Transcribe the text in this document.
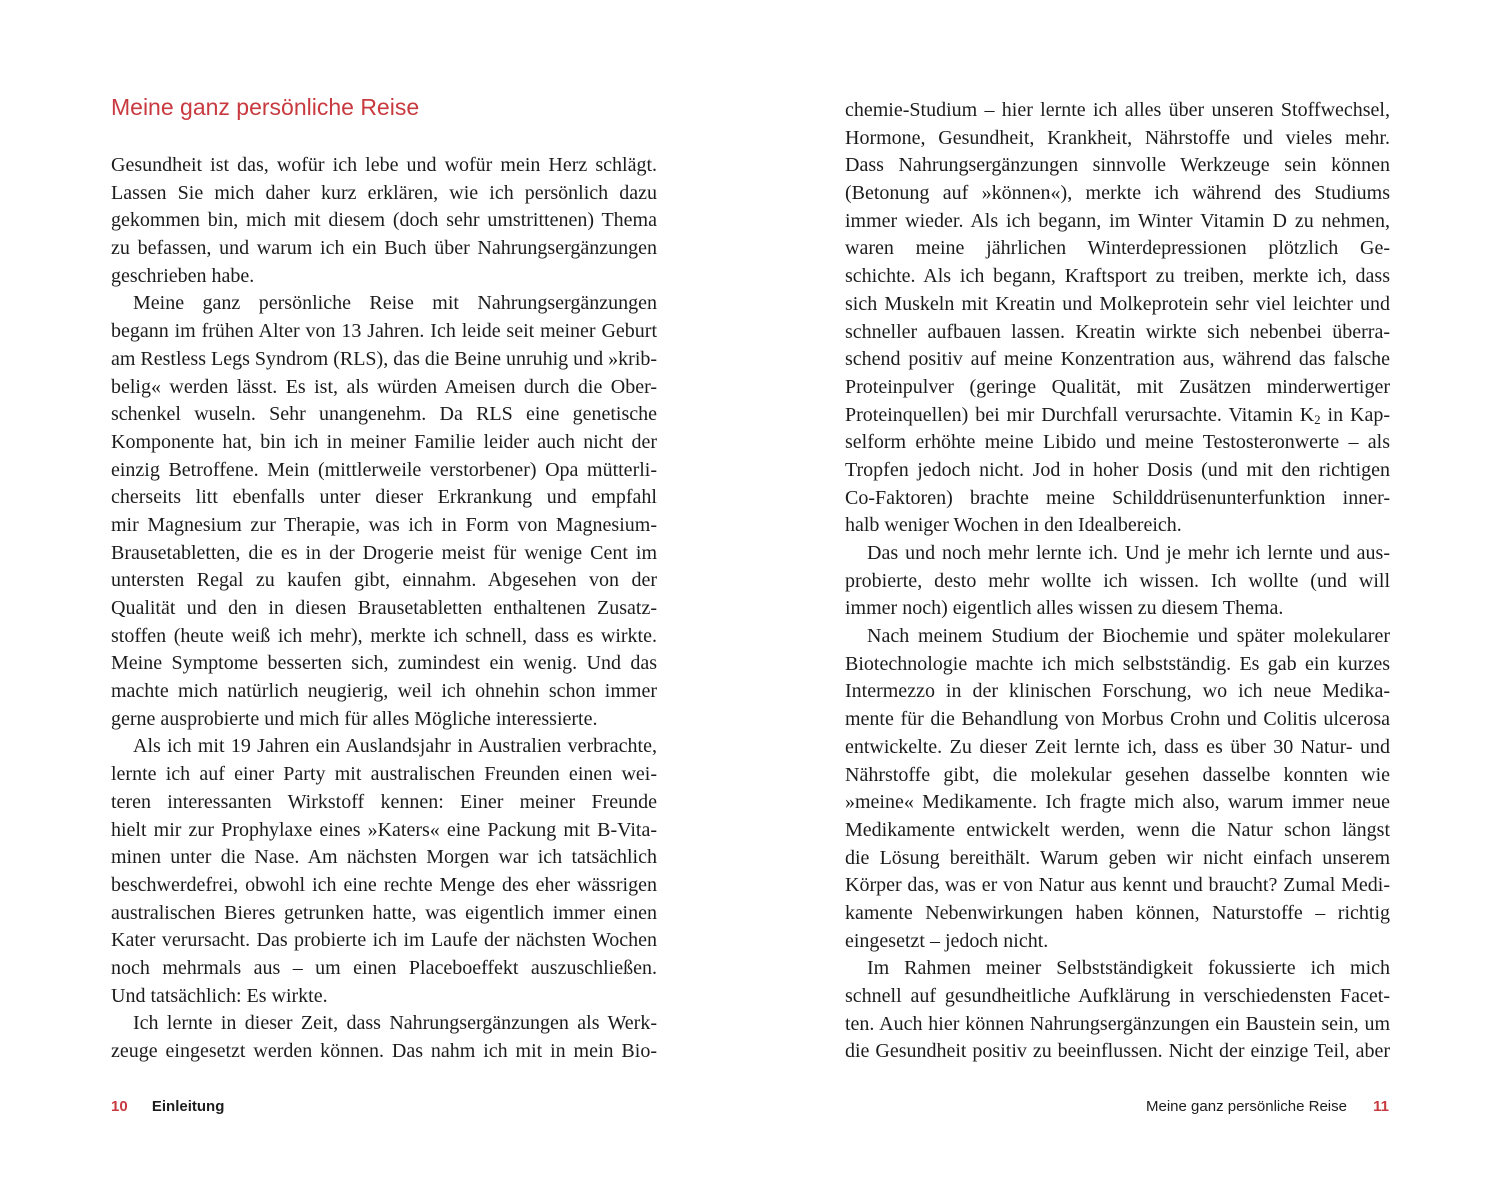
Meine ganz persönliche Reise
Gesundheit ist das, wofür ich lebe und wofür mein Herz schlägt.
Lassen Sie mich daher kurz erklären, wie ich persönlich dazu
gekommen bin, mich mit diesem (doch sehr umstrittenen) Thema
zu befassen, und warum ich ein Buch über Nahrungsergänzungen
geschrieben habe.
Meine ganz persönliche Reise mit Nahrungsergänzungen
begann im frühen Alter von 13 Jahren. Ich leide seit meiner Geburt
am Restless Legs Syndrom (RLS), das die Beine unruhig und »krib-
belig« werden lässt. Es ist, als würden Ameisen durch die Ober-
schenkel wuseln. Sehr unangenehm. Da RLS eine genetische
Komponente hat, bin ich in meiner Familie leider auch nicht der
einzig Betroffene. Mein (mittlerweile verstorbener) Opa mütterli-
cherseits litt ebenfalls unter dieser Erkrankung und empfahl
mir Magnesium zur Therapie, was ich in Form von Magnesium-
Brausetabletten, die es in der Drogerie meist für wenige Cent im
untersten Regal zu kaufen gibt, einnahm. Abgesehen von der
Qualität und den in diesen Brausetabletten enthaltenen Zusatz-
stoffen (heute weiß ich mehr), merkte ich schnell, dass es wirkte.
Meine Symptome besserten sich, zumindest ein wenig. Und das
machte mich natürlich neugierig, weil ich ohnehin schon immer
gerne ausprobierte und mich für alles Mögliche interessierte.
Als ich mit 19 Jahren ein Auslandsjahr in Australien verbrachte,
lernte ich auf einer Party mit australischen Freunden einen wei-
teren interessanten Wirkstoff kennen: Einer meiner Freunde
hielt mir zur Prophylaxe eines »Katers« eine Packung mit B-Vita-
minen unter die Nase. Am nächsten Morgen war ich tatsächlich
beschwerdefrei, obwohl ich eine rechte Menge des eher wässrigen
australischen Bieres getrunken hatte, was eigentlich immer einen
Kater verursacht. Das probierte ich im Laufe der nächsten Wochen
noch mehrmals aus – um einen Placeboeffekt auszuschließen.
Und tatsächlich: Es wirkte.
Ich lernte in dieser Zeit, dass Nahrungsergänzungen als Werk-
zeuge eingesetzt werden können. Das nahm ich mit in mein Bio-
10 Einleitung
chemie-Studium – hier lernte ich alles über unseren Stoffwechsel,
Hormone, Gesundheit, Krankheit, Nährstoffe und vieles mehr.
Dass Nahrungsergänzungen sinnvolle Werkzeuge sein können
(Betonung auf »können«), merkte ich während des Studiums
immer wieder. Als ich begann, im Winter Vitamin D zu nehmen,
waren meine jährlichen Winterdepressionen plötzlich Ge-
schichte. Als ich begann, Kraftsport zu treiben, merkte ich, dass
sich Muskeln mit Kreatin und Molkeprotein sehr viel leichter und
schneller aufbauen lassen. Kreatin wirkte sich nebenbei überra-
schend positiv auf meine Konzentration aus, während das falsche
Proteinpulver (geringe Qualität, mit Zusätzen minderwertiger
Proteinquellen) bei mir Durchfall verursachte. Vitamin $K_2$ in Kap-
selform erhöhte meine Libido und meine Testosteronwerte – als
Tropfen jedoch nicht. Jod in hoher Dosis (und mit den richtigen
Co-Faktoren) brachte meine Schilddrüsenunterfunktion inner-
halb weniger Wochen in den Idealbereich.
Das und noch mehr lernte ich. Und je mehr ich lernte und aus-
probierte, desto mehr wollte ich wissen. Ich wollte (und will
immer noch) eigentlich alles wissen zu diesem Thema.
Nach meinem Studium der Biochemie und später molekularer
Biotechnologie machte ich mich selbstständig. Es gab ein kurzes
Intermezzo in der klinischen Forschung, wo ich neue Medika-
mente für die Behandlung von Morbus Crohn und Colitis ulcerosa
entwickelte. Zu dieser Zeit lernte ich, dass es über 30 Natur- und
Nährstoffe gibt, die molekular gesehen dasselbe konnten wie
»meine« Medikamente. Ich fragte mich also, warum immer neue
Medikamente entwickelt werden, wenn die Natur schon längst
die Lösung bereithält. Warum geben wir nicht einfach unserem
Körper das, was er von Natur aus kennt und braucht? Zumal Medi-
kamente Nebenwirkungen haben können, Naturstoffe – richtig
eingesetzt – jedoch nicht.
Im Rahmen meiner Selbstständigkeit fokussierte ich mich
schnell auf gesundheitliche Aufklärung in verschiedensten Facet-
ten. Auch hier können Nahrungsergänzungen ein Baustein sein, um
die Gesundheit positiv zu beeinflussen. Nicht der einzige Teil, aber
Meine ganz persönliche Reise 11
